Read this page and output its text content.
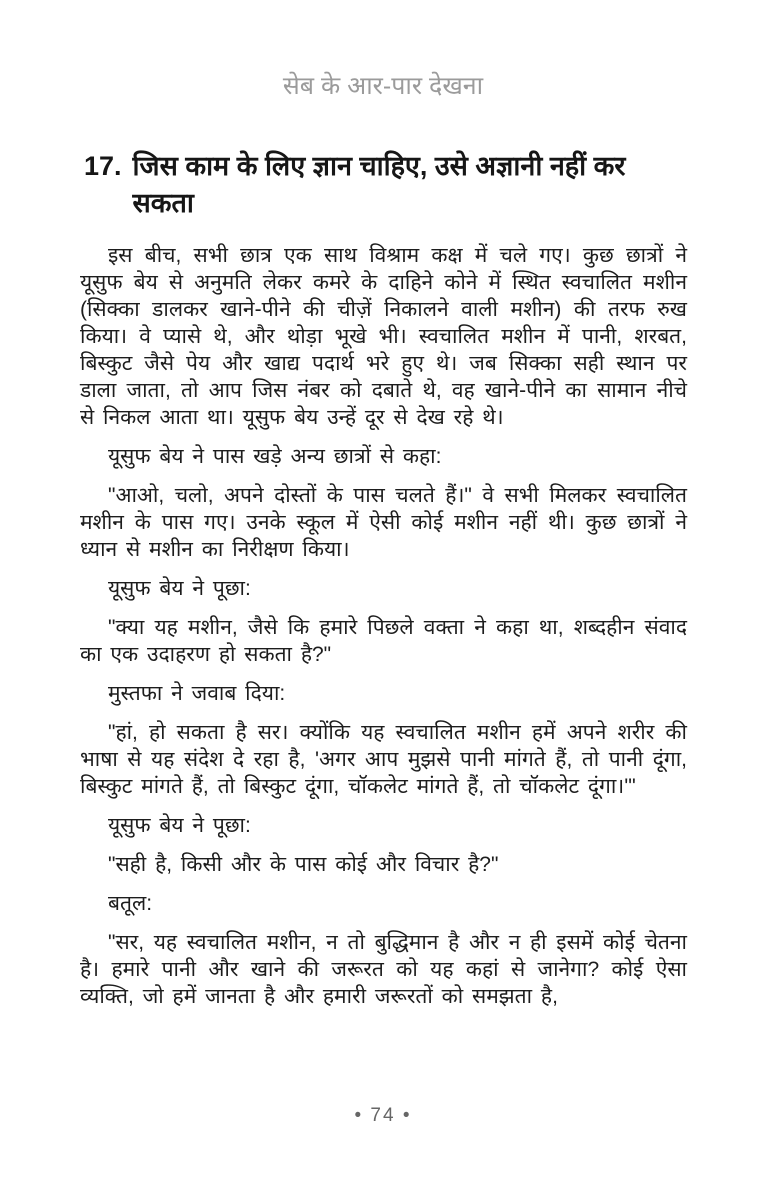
सेब के आर-पार देखना
17. जिस काम के लिए ज्ञान चाहिए, उसे अज्ञानी नहीं कर सकता

इस बीच, सभी छात्र एक साथ विश्राम कक्ष में चले गए। कुछ छात्रों ने यूसुफ बेय से अनुमति लेकर कमरे के दाहिने कोने में स्थित स्वचालित मशीन (सिक्का डालकर खाने-पीने की चीज़ें निकालने वाली मशीन) की तरफ रुख किया। वे प्यासे थे, और थोड़ा भूखे भी। स्वचालित मशीन में पानी, शरबत, बिस्कुट जैसे पेय और खाद्य पदार्थ भरे हुए थे। जब सिक्का सही स्थान पर डाला जाता, तो आप जिस नंबर को दबाते थे, वह खाने-पीने का सामान नीचे से निकल आता था। यूसुफ बेय उन्हें दूर से देख रहे थे।

यूसुफ बेय ने पास खड़े अन्य छात्रों से कहा:

"आओ, चलो, अपने दोस्तों के पास चलते हैं।" वे सभी मिलकर स्वचालित मशीन के पास गए। उनके स्कूल में ऐसी कोई मशीन नहीं थी। कुछ छात्रों ने ध्यान से मशीन का निरीक्षण किया।

यूसुफ बेय ने पूछा:

"क्या यह मशीन, जैसे कि हमारे पिछले वक्ता ने कहा था, शब्दहीन संवाद का एक उदाहरण हो सकता है?"

मुस्तफा ने जवाब दिया:

"हां, हो सकता है सर। क्योंकि यह स्वचालित मशीन हमें अपने शरीर की भाषा से यह संदेश दे रहा है, 'अगर आप मुझसे पानी मांगते हैं, तो पानी दूंगा, बिस्कुट मांगते हैं, तो बिस्कुट दूंगा, चॉकलेट मांगते हैं, तो चॉकलेट दूंगा।'"

यूसुफ बेय ने पूछा:

"सही है, किसी और के पास कोई और विचार है?"

बतूल:

"सर, यह स्वचालित मशीन, न तो बुद्धिमान है और न ही इसमें कोई चेतना है। हमारे पानी और खाने की जरूरत को यह कहां से जानेगा? कोई ऐसा व्यक्ति, जो हमें जानता है और हमारी जरूरतों को समझता है,

• 74 •
